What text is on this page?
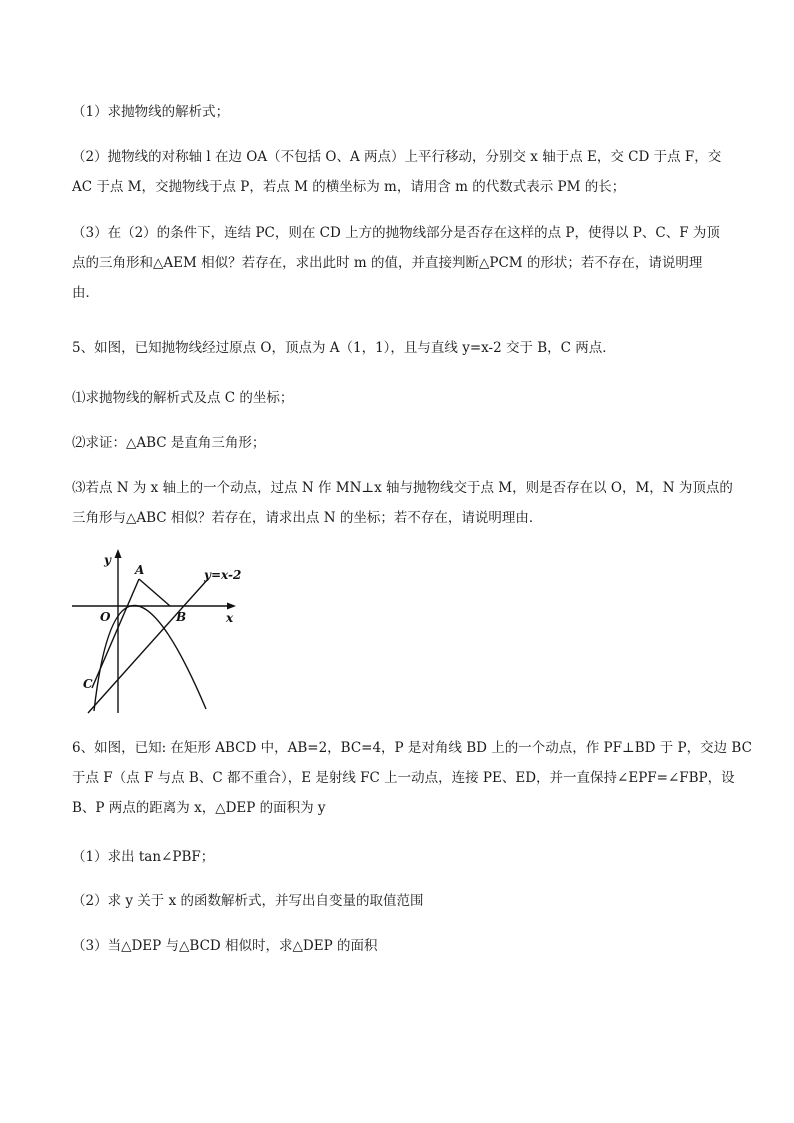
（1）求抛物线的解析式；
（2）抛物线的对称轴 l 在边 OA（不包括 O、A 两点）上平行移动，分别交 x 轴于点 E，交 CD 于点 F，交
AC 于点 M，交抛物线于点 P，若点 M 的横坐标为 m，请用含 m 的代数式表示 PM 的长；
（3）在（2）的条件下，连结 PC，则在 CD 上方的抛物线部分是否存在这样的点 P，使得以 P、C、F 为顶
点的三角形和△AEM 相似？若存在，求出此时 m 的值，并直接判断△PCM 的形状；若不存在，请说明理
由．
5、如图，已知抛物线经过原点 O，顶点为 A（1，1），且与直线 y=x-2 交于 B，C 两点．
⑴求抛物线的解析式及点 C 的坐标；
⑵求证：△ABC 是直角三角形；
⑶若点 N 为 x 轴上的一个动点，过点 N 作 MN⊥x 轴与抛物线交于点 M，则是否存在以 O，M，N 为顶点的
三角形与△ABC 相似？若存在，请求出点 N 的坐标；若不存在，请说明理由．
y
x
A
O	B
C
y=x-2
6、如图，已知: 在矩形 ABCD 中，AB=2，BC=4，P 是对角线 BD 上的一个动点，作 PF⊥BD 于 P，交边 BC
于点 F（点 F 与点 B、C 都不重合），E 是射线 FC 上一动点，连接 PE、ED，并一直保持∠EPF=∠FBP，设
B、P 两点的距离为 x，△DEP 的面积为 y
（1）求出 tan∠PBF；
（2）求 y 关于 x 的函数解析式，并写出自变量的取值范围
（3）当△DEP 与△BCD 相似时，求△DEP 的面积
